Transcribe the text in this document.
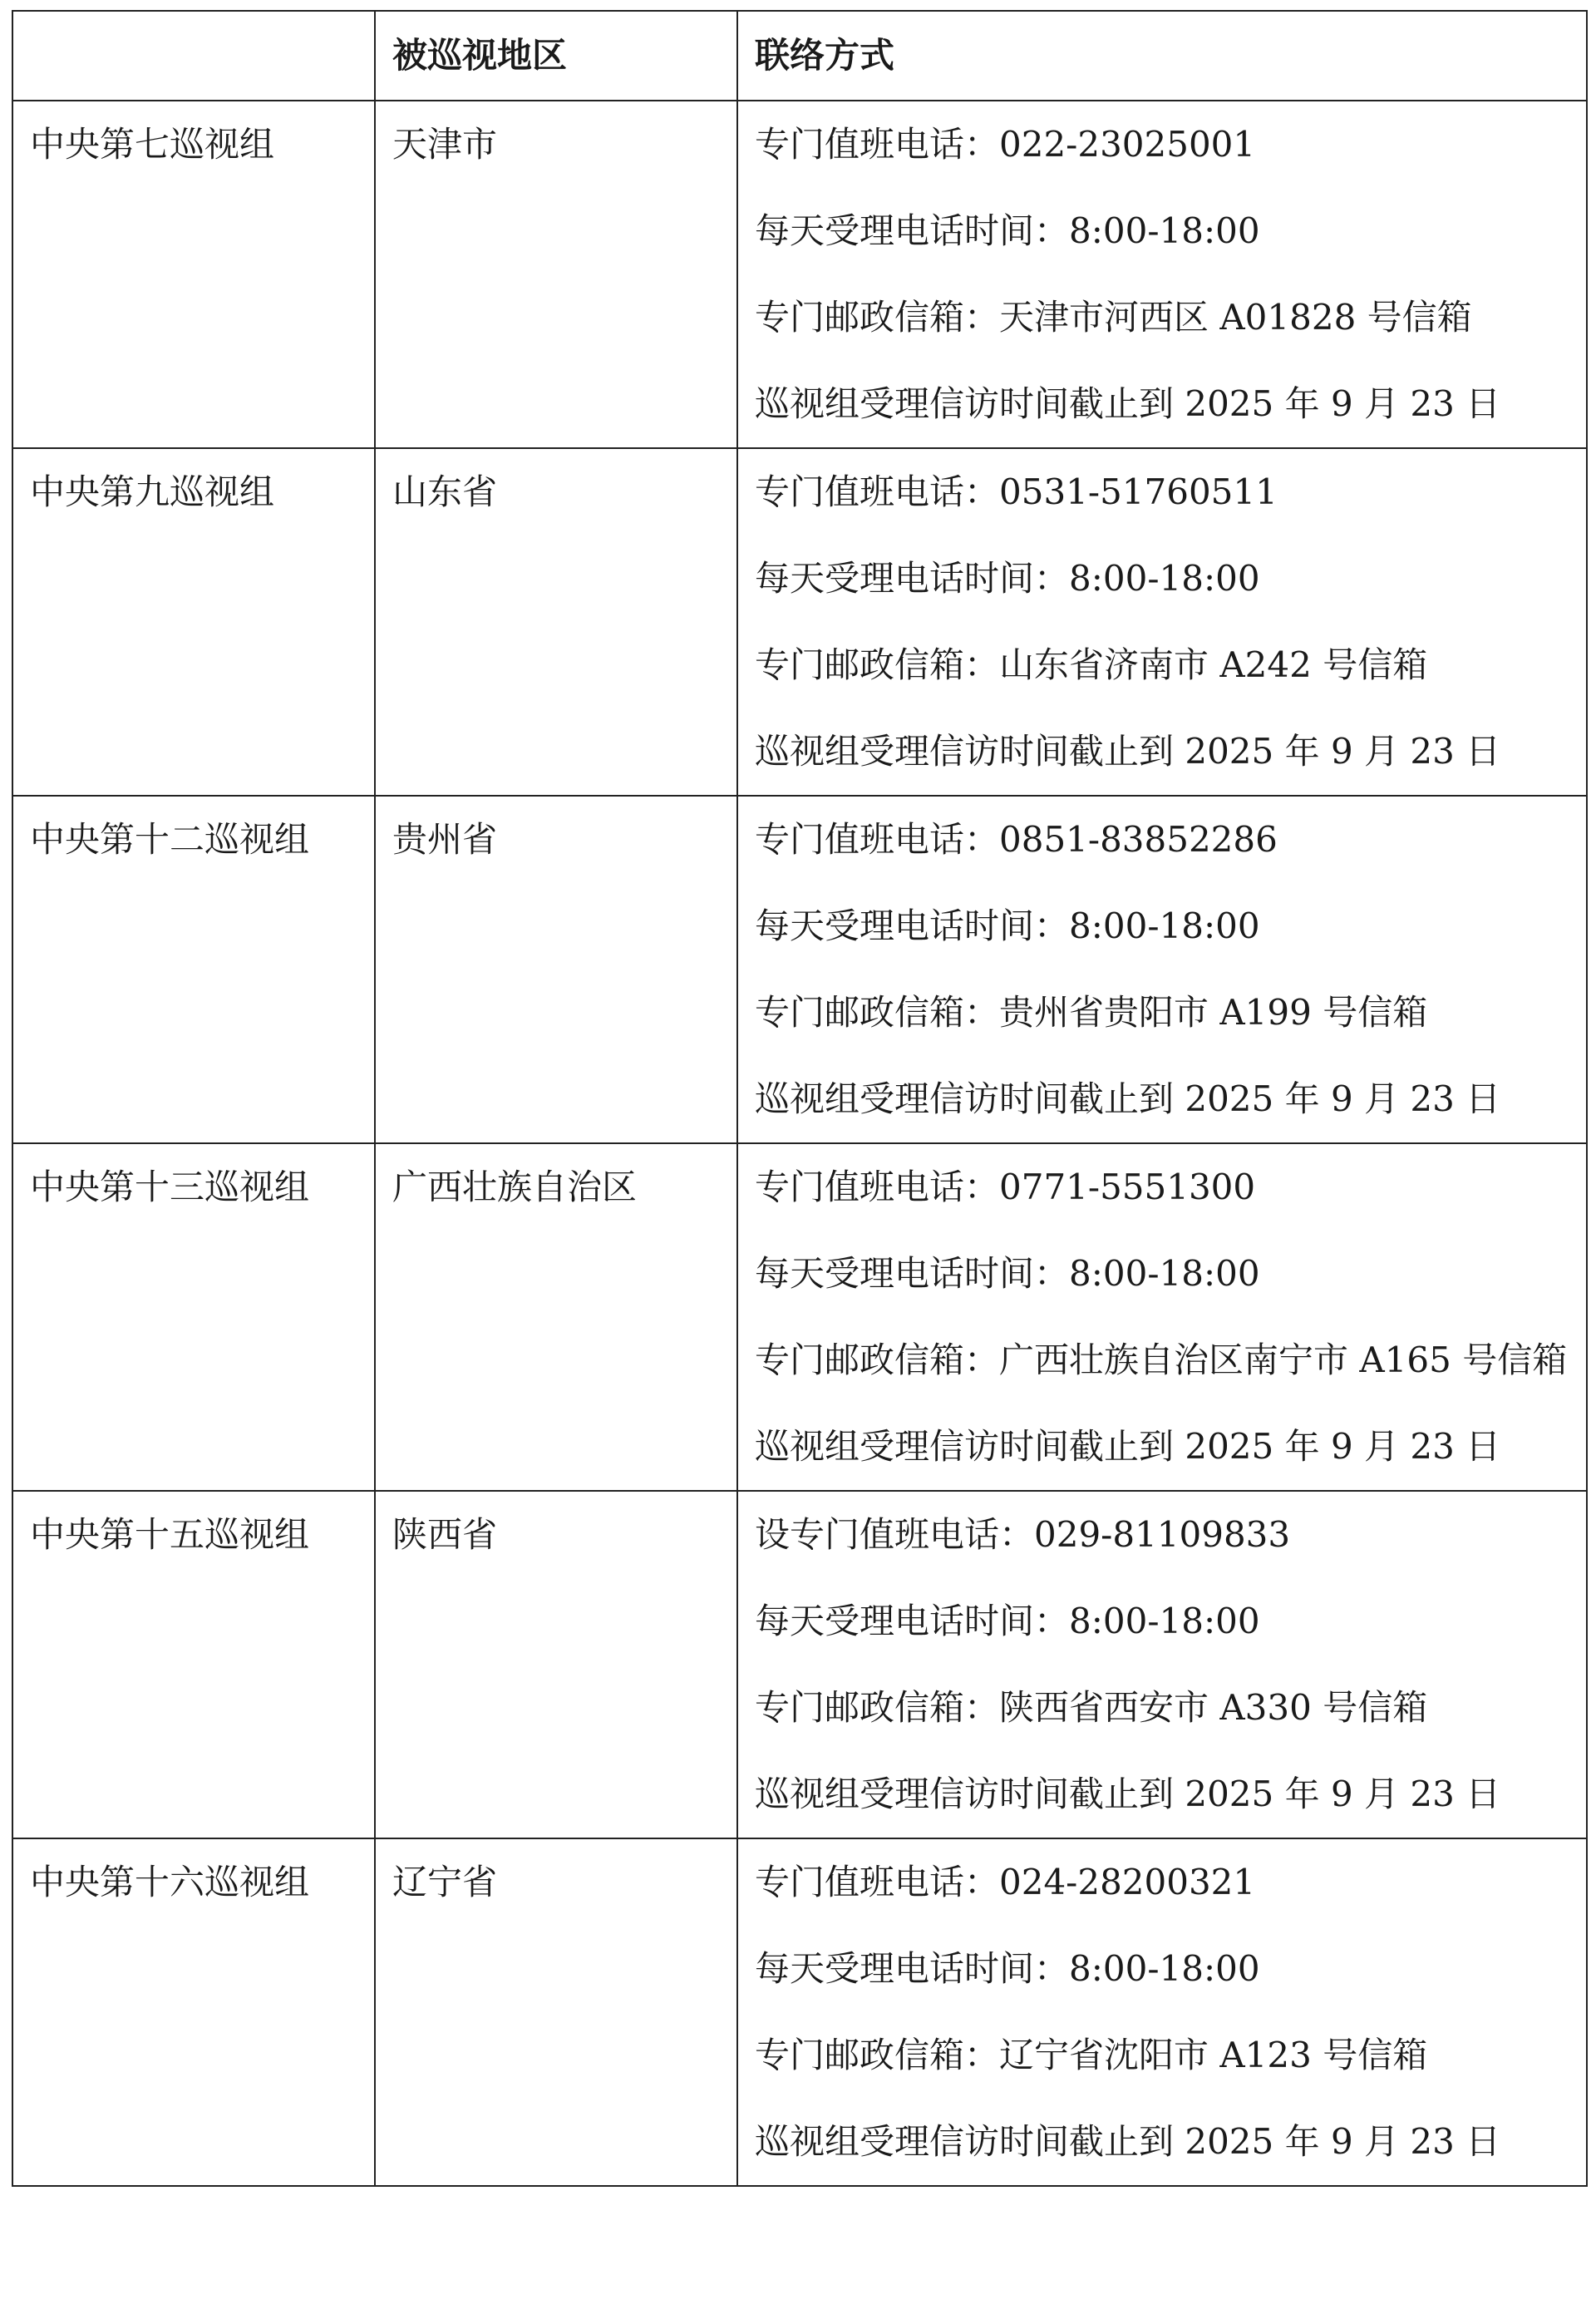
	被巡视地区	联络方式

中央第七巡视组	天津市	专门值班电话：022-23025001
每天受理电话时间：8:00-18:00
专门邮政信箱：天津市河西区 A01828 号信箱
巡视组受理信访时间截止到 2025 年 9 月 23 日

中央第九巡视组	山东省	专门值班电话：0531-51760511
每天受理电话时间：8:00-18:00
专门邮政信箱：山东省济南市 A242 号信箱
巡视组受理信访时间截止到 2025 年 9 月 23 日

中央第十二巡视组	贵州省	专门值班电话：0851-83852286
每天受理电话时间：8:00-18:00
专门邮政信箱：贵州省贵阳市 A199 号信箱
巡视组受理信访时间截止到 2025 年 9 月 23 日

中央第十三巡视组	广西壮族自治区	专门值班电话：0771-5551300
每天受理电话时间：8:00-18:00
专门邮政信箱：广西壮族自治区南宁市 A165 号信箱
巡视组受理信访时间截止到 2025 年 9 月 23 日

中央第十五巡视组	陕西省	设专门值班电话：029-81109833
每天受理电话时间：8:00-18:00
专门邮政信箱：陕西省西安市 A330 号信箱
巡视组受理信访时间截止到 2025 年 9 月 23 日

中央第十六巡视组	辽宁省	专门值班电话：024-28200321
每天受理电话时间：8:00-18:00
专门邮政信箱：辽宁省沈阳市 A123 号信箱
巡视组受理信访时间截止到 2025 年 9 月 23 日
